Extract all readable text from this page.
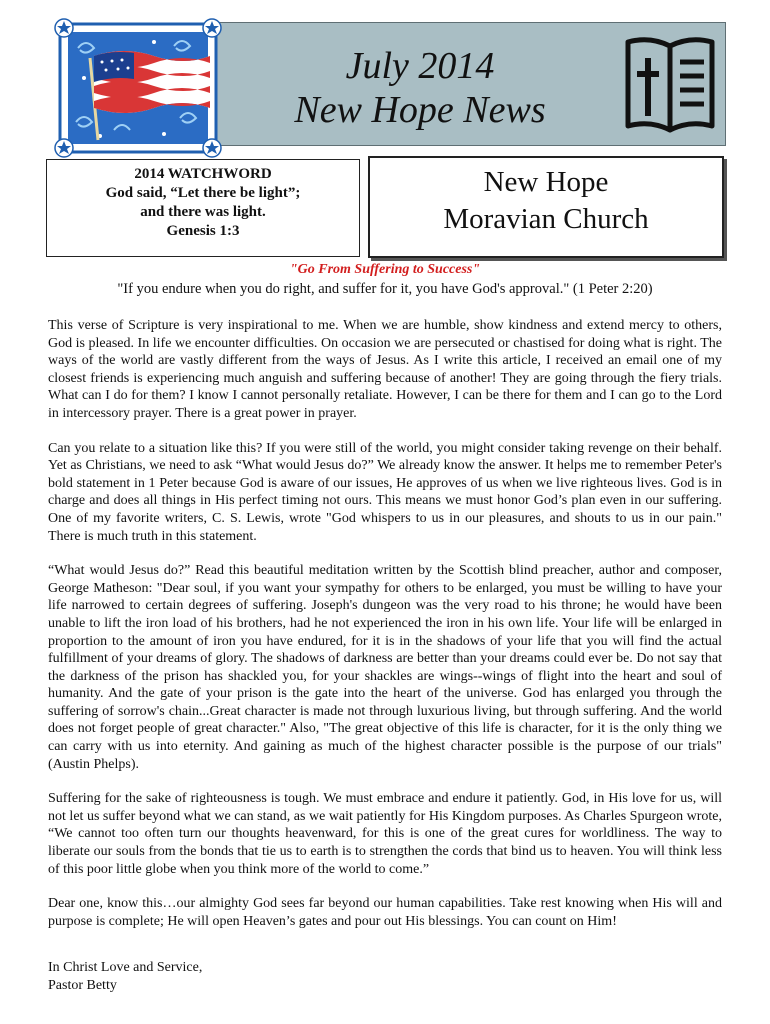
July 2014
New Hope News
2014 WATCHWORD
God said, “Let there be light”;
and there was light.
Genesis 1:3
New Hope
Moravian Church
"Go From Suffering to Success"
"If you endure when you do right, and suffer for it, you have God's approval." (1 Peter 2:20)

This verse of Scripture is very inspirational to me. When we are humble, show kindness and extend mercy to others, God is pleased. In life we encounter difficulties. On occasion we are persecuted or chastised for doing what is right. The ways of the world are vastly different from the ways of Jesus. As I write this article, I received an email one of my closest friends is experiencing much anguish and suffering because of another! They are going through the fiery trials. What can I do for them? I know I cannot personally retaliate. However, I can be there for them and I can go to the Lord in intercessory prayer. There is a great power in prayer.

Can you relate to a situation like this? If you were still of the world, you might consider taking revenge on their behalf. Yet as Christians, we need to ask “What would Jesus do?” We already know the answer. It helps me to remember Peter's bold statement in 1 Peter because God is aware of our issues, He approves of us when we live righteous lives. God is in charge and does all things in His perfect timing not ours. This means we must honor God’s plan even in our suffering. One of my favorite writers, C. S. Lewis, wrote "God whispers to us in our pleasures, and shouts to us in our pain." There is much truth in this statement.

“What would Jesus do?” Read this beautiful meditation written by the Scottish blind preacher, author and composer, George Matheson: "Dear soul, if you want your sympathy for others to be enlarged, you must be willing to have your life narrowed to certain degrees of suffering. Joseph's dungeon was the very road to his throne; he would have been unable to lift the iron load of his brothers, had he not experienced the iron in his own life. Your life will be enlarged in proportion to the amount of iron you have endured, for it is in the shadows of your life that you will find the actual fulfillment of your dreams of glory. The shadows of darkness are better than your dreams could ever be. Do not say that the darkness of the prison has shackled you, for your shackles are wings--wings of flight into the heart and soul of humanity. And the gate of your prison is the gate into the heart of the universe. God has enlarged you through the suffering of sorrow's chain...Great character is made not through luxurious living, but through suffering. And the world does not forget people of great character." Also, "The great objective of this life is character, for it is the only thing we can carry with us into eternity. And gaining as much of the highest character possible is the purpose of our trials" (Austin Phelps).

Suffering for the sake of righteousness is tough. We must embrace and endure it patiently. God, in His love for us, will not let us suffer beyond what we can stand, as we wait patiently for His Kingdom purposes. As Charles Spurgeon wrote, “We cannot too often turn our thoughts heavenward, for this is one of the great cures for worldliness. The way to liberate our souls from the bonds that tie us to earth is to strengthen the cords that bind us to heaven. You will think less of this poor little globe when you think more of the world to come.”

Dear one, know this…our almighty God sees far beyond our human capabilities. Take rest knowing when His will and purpose is complete; He will open Heaven’s gates and pour out His blessings. You can count on Him!

In Christ Love and Service,
Pastor Betty
